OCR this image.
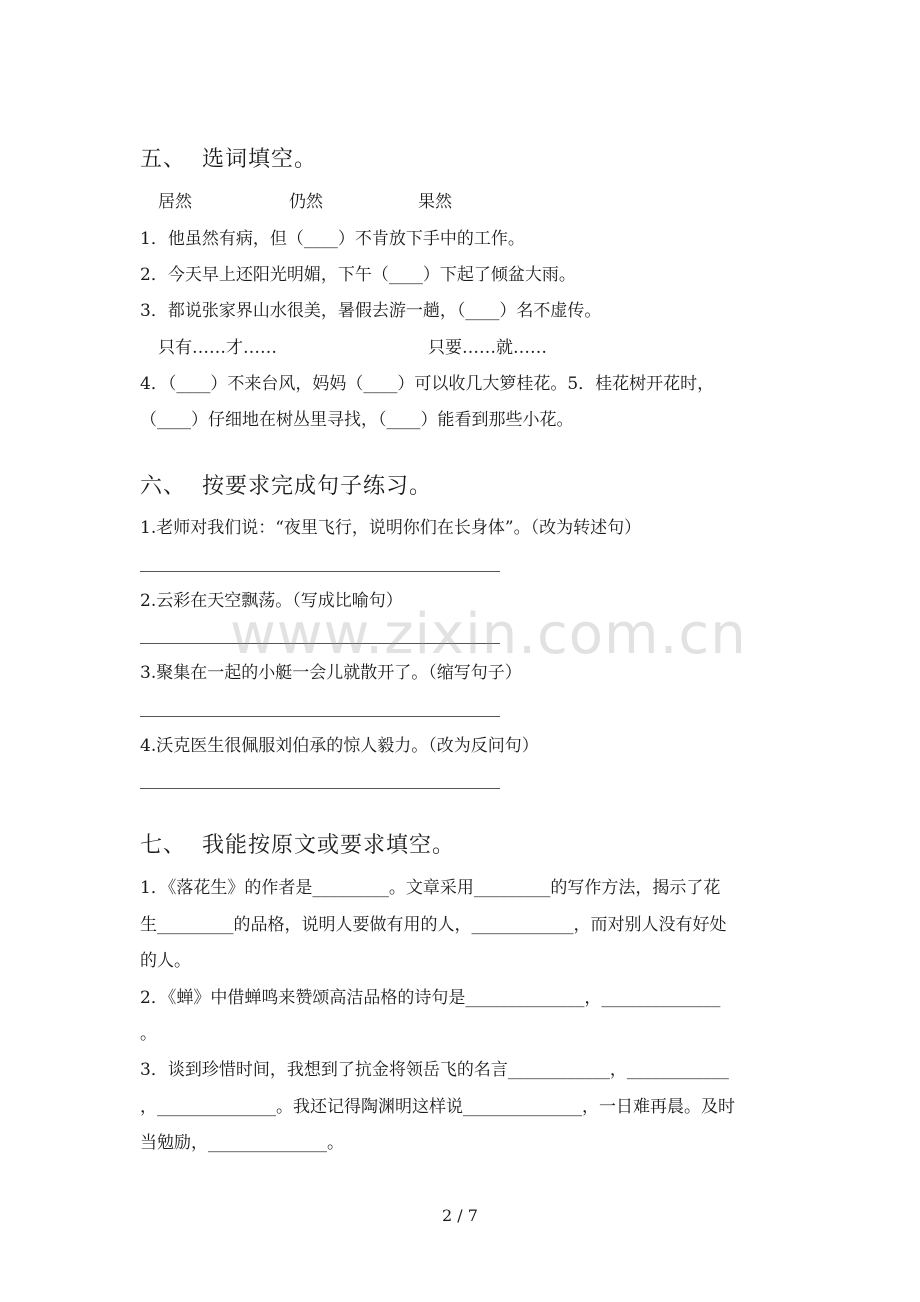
五、  选词填空。
居然	仍然	果然
1．他虽然有病，但（____）不肯放下手中的工作。
2．今天早上还阳光明媚，下午（____）下起了倾盆大雨。
3．都说张家界山水很美，暑假去游一趟，（____）名不虚传。
只有……才……	只要……就……
4．（____）不来台风，妈妈（____）可以收几大箩桂花。5．桂花树开花时，
（____）仔细地在树丛里寻找，（____）能看到那些小花。
六、  按要求完成句子练习。
1.老师对我们说：“夜里飞行，说明你们在长身体”。（改为转述句）
2.云彩在天空飘荡。（写成比喻句）
3.聚集在一起的小艇一会儿就散开了。（缩写句子）
4.沃克医生很佩服刘伯承的惊人毅力。（改为反问句）
七、  我能按原文或要求填空。
1．《落花生》的作者是_________。文章采用_________的写作方法，揭示了花
生_________的品格，说明人要做有用的人，____________，而对别人没有好处
的人。
2．《蝉》中借蝉鸣来赞颂高洁品格的诗句是______________，______________
。
3．谈到珍惜时间，我想到了抗金将领岳飞的名言____________，____________
，______________。我还记得陶渊明这样说______________，一日难再晨。及时
当勉励，______________。
www.zixin.com.cn
2 / 7
